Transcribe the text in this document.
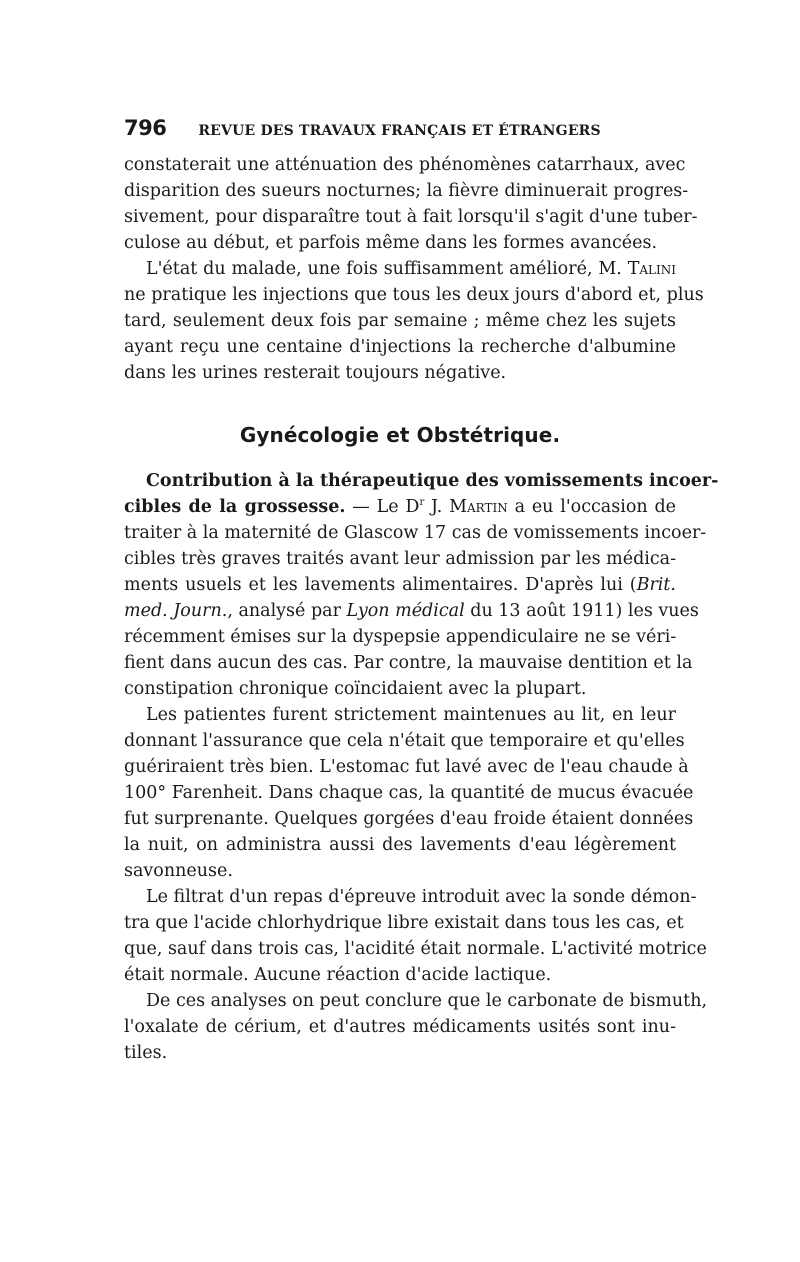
796 REVUE DES TRAVAUX FRANÇAIS ET ÉTRANGERS
constaterait une atténuation des phénomènes catarrhaux, avec
disparition des sueurs nocturnes; la fièvre diminuerait progres-
sivement, pour disparaître tout à fait lorsqu'il s'agit d'une tuber-
culose au début, et parfois même dans les formes avancées.
L'état du malade, une fois suffisamment amélioré, M. Talini
ne pratique les injections que tous les deux jours d'abord et, plus
tard, seulement deux fois par semaine ; même chez les sujets
ayant reçu une centaine d'injections la recherche d'albumine
dans les urines resterait toujours négative.
Gynécologie et Obstétrique.
Contribution à la thérapeutique des vomissements incoer-
cibles de la grossesse. — Le $D^r$ J. Martin a eu l'occasion de
traiter à la maternité de Glascow 17 cas de vomissements incoer-
cibles très graves traités avant leur admission par les médica-
ments usuels et les lavements alimentaires. D'après lui (Brit.
med. Journ., analysé par Lyon médical du 13 août 1911) les vues
récemment émises sur la dyspepsie appendiculaire ne se véri-
fient dans aucun des cas. Par contre, la mauvaise dentition et la
constipation chronique coïncidaient avec la plupart.
Les patientes furent strictement maintenues au lit, en leur
donnant l'assurance que cela n'était que temporaire et qu'elles
guériraient très bien. L'estomac fut lavé avec de l'eau chaude à
100° Farenheit. Dans chaque cas, la quantité de mucus évacuée
fut surprenante. Quelques gorgées d'eau froide étaient données
la nuit, on administra aussi des lavements d'eau légèrement
savonneuse.
Le filtrat d'un repas d'épreuve introduit avec la sonde démon-
tra que l'acide chlorhydrique libre existait dans tous les cas, et
que, sauf dans trois cas, l'acidité était normale. L'activité motrice
était normale. Aucune réaction d'acide lactique.
De ces analyses on peut conclure que le carbonate de bismuth,
l'oxalate de cérium, et d'autres médicaments usités sont inu-
tiles.
